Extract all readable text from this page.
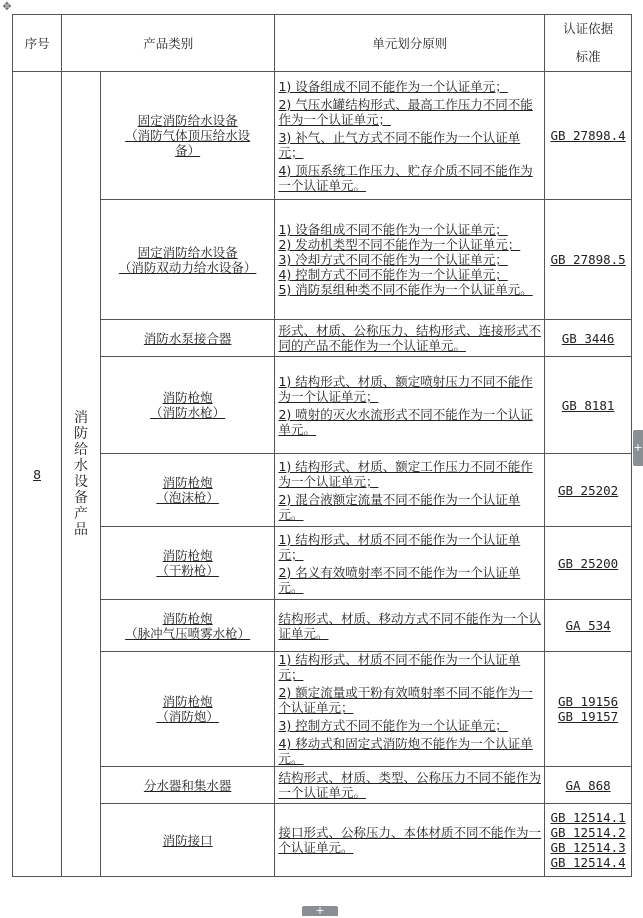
✥
序号	产品类别		单元划分原则	认证依据
标准

8	消防给水设备产品	固定消防给水设备
（消防气体顶压给水设
备）	1) 设备组成不同不能作为一个认证单元；
2) 气压水罐结构形式、最高工作压力不同不能作为一个认证单元；
3) 补气、止气方式不同不能作为一个认证单元；
4) 顶压系统工作压力、贮存介质不同不能作为一个认证单元。	GB 27898.4

		固定消防给水设备
（消防双动力给水设备）	1) 设备组成不同不能作为一个认证单元；
2) 发动机类型不同不能作为一个认证单元；
3) 冷却方式不同不能作为一个认证单元；
4) 控制方式不同不能作为一个认证单元；
5) 消防泵组种类不同不能作为一个认证单元。	GB 27898.5

		消防水泵接合器	形式、材质、公称压力、结构形式、连接形式不同的产品不能作为一个认证单元。	GB 3446

		消防枪炮
（消防水枪）	1) 结构形式、材质、额定喷射压力不同不能作为一个认证单元；
2) 喷射的灭火水流形式不同不能作为一个认证单元。	GB 8181

		消防枪炮
（泡沫枪）	1) 结构形式、材质、额定工作压力不同不能作为一个认证单元；
2) 混合液额定流量不同不能作为一个认证单元。	GB 25202

		消防枪炮
（干粉枪）	1) 结构形式、材质不同不能作为一个认证单元；
2) 名义有效喷射率不同不能作为一个认证单元。	GB 25200

		消防枪炮
（脉冲气压喷雾水枪）	结构形式、材质、移动方式不同不能作为一个认证单元。	GA 534

		消防枪炮
（消防炮）	1) 结构形式、材质不同不能作为一个认证单元；
2) 额定流量或干粉有效喷射率不同不能作为一个认证单元；
3) 控制方式不同不能作为一个认证单元；
4) 移动式和固定式消防炮不能作为一个认证单元。	GB 19156
GB 19157

		分水器和集水器	结构形式、材质、类型、公称压力不同不能作为一个认证单元。	GA 868

		消防接口	接口形式、公称压力、本体材质不同不能作为一个认证单元。	GB 12514.1
GB 12514.2
GB 12514.3
GB 12514.4
+
+
